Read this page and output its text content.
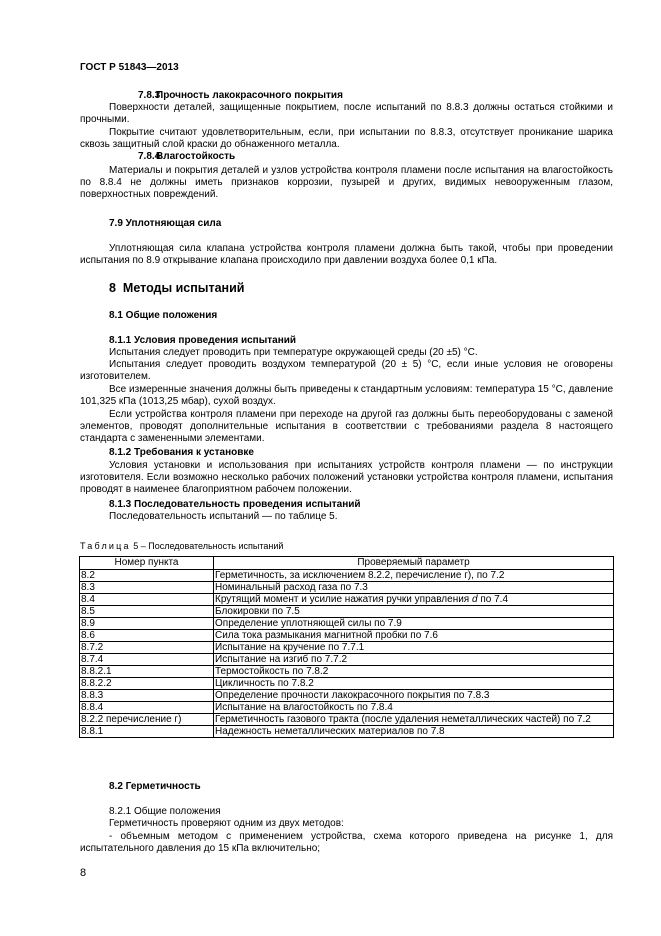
ГОСТ Р 51843—2013
7.8.3Прочность лакокрасочного покрытия
Поверхности деталей, защищенные покрытием, после испытаний по 8.8.3 должны остаться стойкими и прочными.
Покрытие считают удовлетворительным, если, при испытании по 8.8.3, отсутствует проникание шарика сквозь защитный слой краски до обнаженного металла.
7.8.4Влагостойкость
Материалы и покрытия деталей и узлов устройства контроля пламени после испытания на влагостойкость по 8.8.4 не должны иметь признаков коррозии, пузырей и других, видимых невооруженным глазом, поверхностных повреждений.
7.9 Уплотняющая сила
Уплотняющая сила клапана устройства контроля пламени должна быть такой, чтобы при проведении испытания по 8.9 открывание клапана происходило при давлении воздуха более 0,1 кПа.
8 Методы испытаний
8.1 Общие положения
8.1.1 Условия проведения испытаний
Испытания следует проводить при температуре окружающей среды (20 ±5) °С.
Испытания следует проводить воздухом температурой (20 ± 5) °С, если иные условия не оговорены изготовителем.
Все измеренные значения должны быть приведены к стандартным условиям: температура 15 °С, давление 101,325 кПа (1013,25 мбар), сухой воздух.
Если устройства контроля пламени при переходе на другой газ должны быть переоборудованы с заменой элементов, проводят дополнительные испытания в соответствии с требованиями раздела 8 настоящего стандарта с замененными элементами.
8.1.2 Требования к установке
Условия установки и использования при испытаниях устройств контроля пламени — по инструкции изготовителя. Если возможно несколько рабочих положений установки устройства контроля пламени, испытания проводят в наименее благоприятном рабочем положении.
8.1.3 Последовательность проведения испытаний
Последовательность испытаний — по таблице 5.
Таблица 5 – Последовательность испытаний
Номер пункта	Проверяемый параметр
8.2	Герметичность, за исключением 8.2.2, перечисление г), по 7.2
8.3	Номинальный расход газа по 7.3
8.4	Крутящий момент и усилие нажатия ручки управления d по 7.4
8.5	Блокировки по 7.5
8.9	Определение уплотняющей силы по 7.9
8.6	Сила тока размыкания магнитной пробки по 7.6
8.7.2	Испытание на кручение по 7.7.1
8.7.4	Испытание на изгиб по 7.7.2
8.8.2.1	Термостойкость по 7.8.2
8.8.2.2	Цикличность по 7.8.2
8.8.3	Определение прочности лакокрасочного покрытия по 7.8.3
8.8.4	Испытание на влагостойкость по 7.8.4
8.2.2 перечисление г)	Герметичность газового тракта (после удаления неметаллических частей) по 7.2
8.8.1	Надежность неметаллических материалов по 7.8
8.2 Герметичность
8.2.1 Общие положения
Герметичность проверяют одним из двух методов:
- объемным методом с применением устройства, схема которого приведена на рисунке 1, для испытательного давления до 15 кПа включительно;
8
